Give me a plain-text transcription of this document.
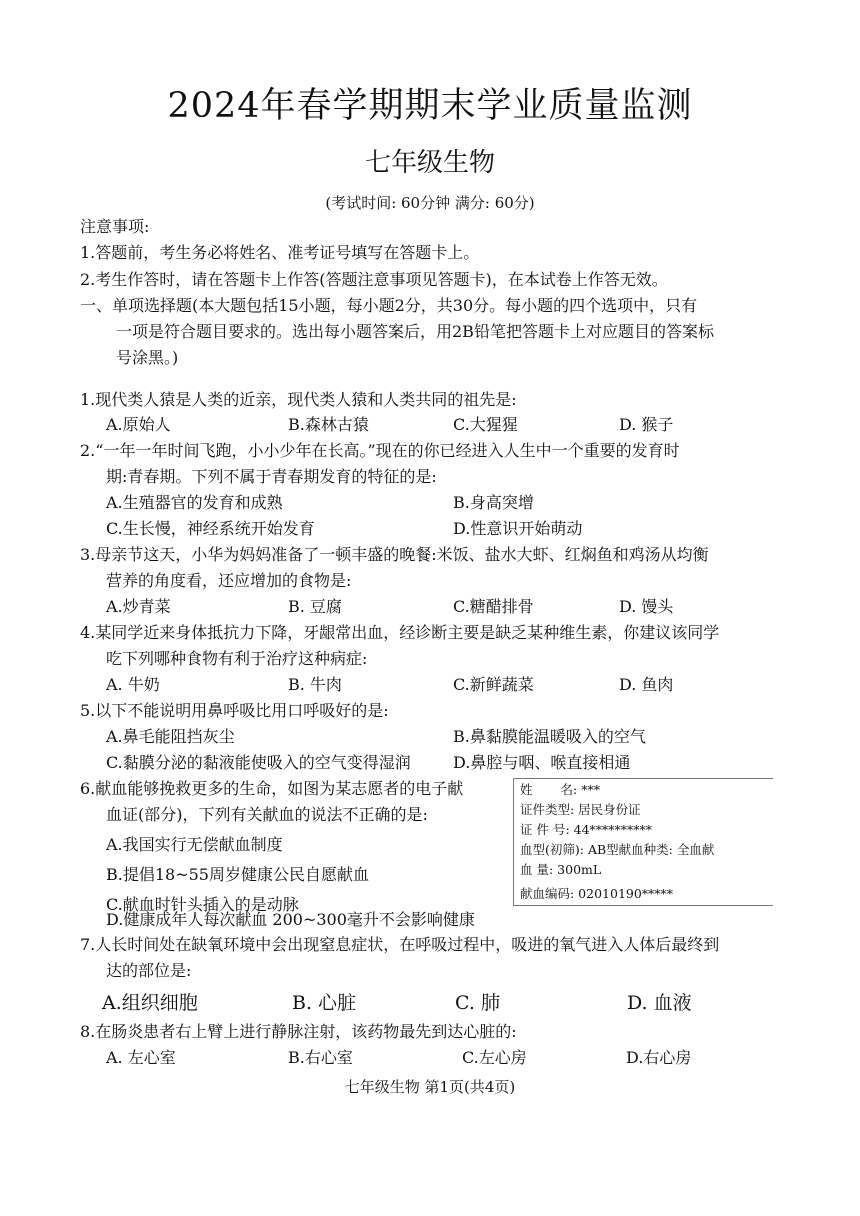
2024年春学期期末学业质量监测
七年级生物
(考试时间: 60分钟 满分: 60分)
注意事项:
1.答题前，考生务必将姓名、准考证号填写在答题卡上。
2.考生作答时，请在答题卡上作答(答题注意事项见答题卡)，在本试卷上作答无效。
一、单项选择题(本大题包括15小题，每小题2分，共30分。每小题的四个选项中，只有
一项是符合题目要求的。选出每小题答案后，用2B铅笔把答题卡上对应题目的答案标
号涂黑。)
1.现代类人猿是人类的近亲，现代类人猿和人类共同的祖先是:
A.原始人	B.森林古猿	C.大猩猩	D. 猴子
2.“一年一年时间飞跑，小小少年在长高。”现在的你已经进入人生中一个重要的发育时
期:青春期。下列不属于青春期发育的特征的是:
A.生殖器官的发育和成熟	B.身高突增
C.生长慢，神经系统开始发育	D.性意识开始萌动
3.母亲节这天，小华为妈妈准备了一顿丰盛的晚餐:米饭、盐水大虾、红焖鱼和鸡汤从均衡
营养的角度看，还应增加的食物是:
A.炒青菜	B. 豆腐	C.糖醋排骨	D. 馒头
4.某同学近来身体抵抗力下降，牙龈常出血，经诊断主要是缺乏某种维生素，你建议该同学
吃下列哪种食物有利于治疗这种病症:
A. 牛奶	B. 牛肉	C.新鲜蔬菜	D. 鱼肉
5.以下不能说明用鼻呼吸比用口呼吸好的是:
A.鼻毛能阻挡灰尘	B.鼻黏膜能温暖吸入的空气
C.黏膜分泌的黏液能使吸入的空气变得湿润	D.鼻腔与咽、喉直接相通
6.献血能够挽救更多的生命，如图为某志愿者的电子献
血证(部分)，下列有关献血的说法不正确的是:
A.我国实行无偿献血制度
B.提倡18~55周岁健康公民自愿献血
C.献血时针头插入的是动脉
D.健康成年人每次献血 200~300毫升不会影响健康
姓 名: ***
证件类型: 居民身份证
证 件 号: 44**********
血型(初筛): AB型献血种类: 全血献
血 量: 300mL
献血编码: 02010190*****
7.人长时间处在缺氧环境中会出现窒息症状，在呼吸过程中，吸进的氧气进入人体后最终到
达的部位是:
A.组织细胞	B. 心脏	C. 肺	D. 血液
8.在肠炎患者右上臂上进行静脉注射，该药物最先到达心脏的:
A. 左心室	B.右心室	C.左心房	D.右心房
七年级生物 第1页(共4页)
